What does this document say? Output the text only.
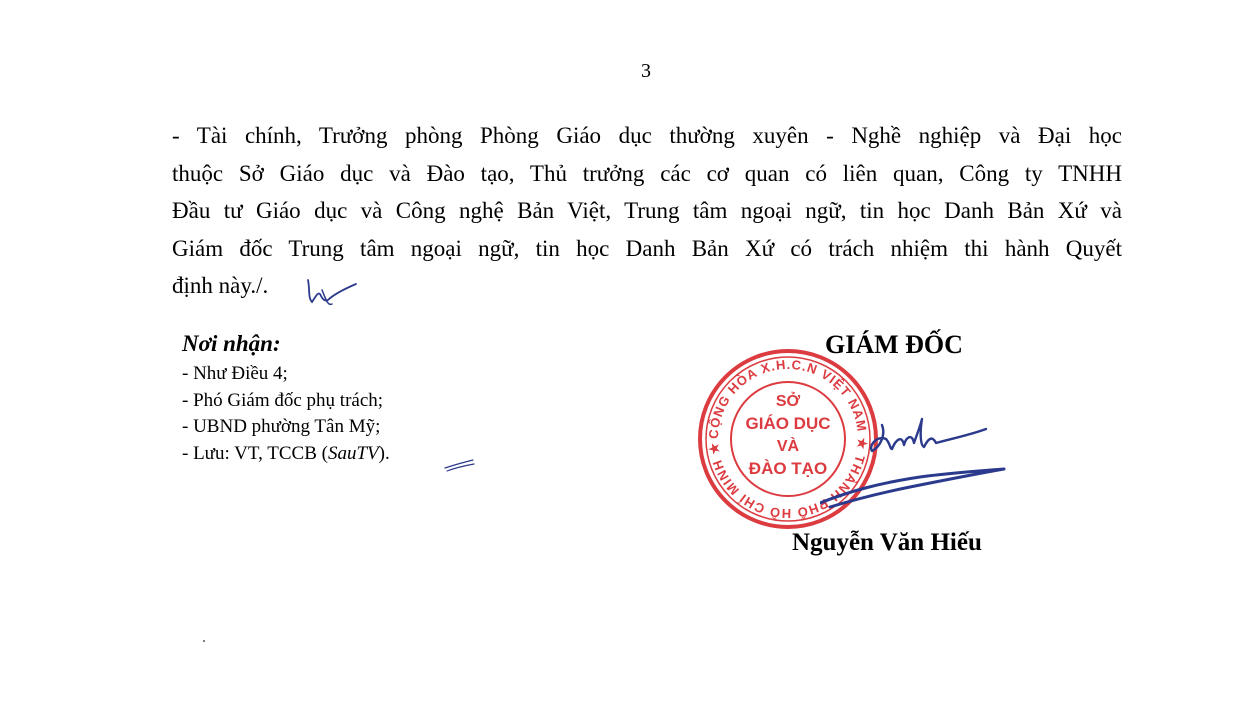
3
- Tài chính, Trưởng phòng Phòng Giáo dục thường xuyên - Nghề nghiệp và Đại học
thuộc Sở Giáo dục và Đào tạo, Thủ trưởng các cơ quan có liên quan, Công ty TNHH
Đầu tư Giáo dục và Công nghệ Bản Việt, Trung tâm ngoại ngữ, tin học Danh Bản Xứ và
Giám đốc Trung tâm ngoại ngữ, tin học Danh Bản Xứ có trách nhiệm thi hành Quyết
định này./.
Nơi nhận:
- Như Điều 4;
- Phó Giám đốc phụ trách;
- UBND phường Tân Mỹ;
- Lưu: VT, TCCB (SauTV).
GIÁM ĐỐC
CỘNG HÒA X.H.C.N VIỆT NAM ★ THÀNH PHỐ HỒ CHÍ MINH ★
SỞ
GIÁO DỤC
VÀ
ĐÀO TẠO
Nguyễn Văn Hiếu
